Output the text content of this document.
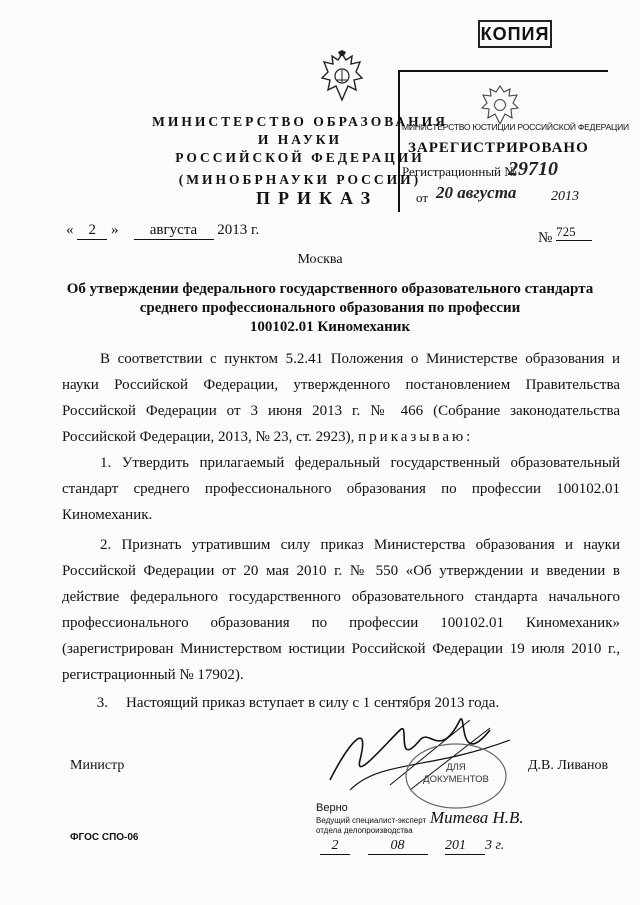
КОПИЯ
МИНИСТЕРСТВО ОБРАЗОВАНИЯ И НАУКИ
РОССИЙСКОЙ ФЕДЕРАЦИИ
(МИНОБРНАУКИ РОССИИ)
МИНИСТЕРСТВО ЮСТИЦИИ РОССИЙСКОЙ ФЕДЕРАЦИИ
ЗАРЕГИСТРИРОВАНО
Регистрационный №
29710
от 20 августа 2013
ПРИКАЗ
« 2 » августа 2013 г.	№ 725
Москва
Об утверждении федерального государственного образовательного стандарта
среднего профессионального образования по профессии
100102.01 Киномеханик
В соответствии с пунктом 5.2.41 Положения о Министерстве образования и науки Российской Федерации, утвержденного постановлением Правительства Российской Федерации от 3 июня 2013 г. № 466 (Собрание законодательства Российской Федерации, 2013, № 23, ст. 2923), приказываю:
1. Утвердить прилагаемый федеральный государственный образовательный стандарт среднего профессионального образования по профессии 100102.01 Киномеханик.
2. Признать утратившим силу приказ Министерства образования и науки Российской Федерации от 20 мая 2010 г. № 550 «Об утверждении и введении в действие федерального государственного образовательного стандарта начального профессионального образования по профессии 100102.01 Киномеханик» (зарегистрирован Министерством юстиции Российской Федерации 19 июля 2010 г., регистрационный № 17902).
3. Настоящий приказ вступает в силу с 1 сентября 2013 года.
Министр	Д.В. Ливанов
ДЛЯ
ДОКУМЕНТОВ
Верно
Ведущий специалист-эксперт
отдела делопроизводства
Митева Н.В.
ФГОС СПО-06
2	08	201 3 г.
